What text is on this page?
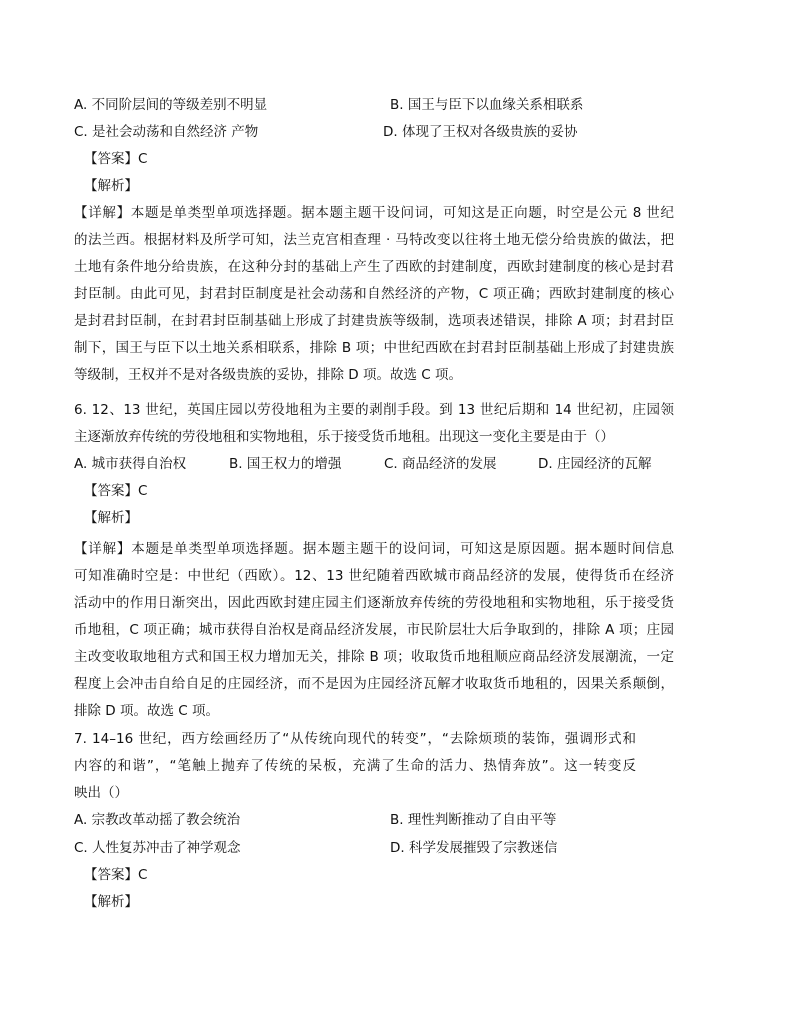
A. 不同阶层间的等级差别不明显	B. 国王与臣下以血缘关系相联系
C. 是社会动荡和自然经济 产物	D. 体现了王权对各级贵族的妥协
【答案】C
【解析】

【详解】本题是单类型单项选择题。据本题主题干设问词，可知这是正向题，时空是公元 8 世纪

的法兰西。根据材料及所学可知，法兰克宫相查理 · 马特改变以往将土地无偿分给贵族的做法，把

土地有条件地分给贵族，在这种分封的基础上产生了西欧的封建制度，西欧封建制度的核心是封君

封臣制。由此可见，封君封臣制度是社会动荡和自然经济的产物，C 项正确；西欧封建制度的核心

是封君封臣制，在封君封臣制基础上形成了封建贵族等级制，选项表述错误，排除 A 项；封君封臣

制下，国王与臣下以土地关系相联系，排除 B 项；中世纪西欧在封君封臣制基础上形成了封建贵族

等级制，王权并不是对各级贵族的妥协，排除 D 项。故选 C 项。

6. 12、13 世纪，英国庄园以劳役地租为主要的剥削手段。到 13 世纪后期和 14 世纪初，庄园领

主逐渐放弃传统的劳役地租和实物地租，乐于接受货币地租。出现这一变化主要是由于（）

A. 城市获得自治权	B. 国王权力的增强	C. 商品经济的发展	D. 庄园经济的瓦解
【答案】C
【解析】

【详解】本题是单类型单项选择题。据本题主题干的设问词，可知这是原因题。据本题时间信息

可知准确时空是：中世纪（西欧）。12、13 世纪随着西欧城市商品经济的发展，使得货币在经济

活动中的作用日渐突出，因此西欧封建庄园主们逐渐放弃传统的劳役地租和实物地租，乐于接受货

币地租，C 项正确；城市获得自治权是商品经济发展，市民阶层壮大后争取到的，排除 A 项；庄园

主改变收取地租方式和国王权力增加无关，排除 B 项；收取货币地租顺应商品经济发展潮流，一定

程度上会冲击自给自足的庄园经济，而不是因为庄园经济瓦解才收取货币地租的，因果关系颠倒，

排除 D 项。故选 C 项。

7. 14–16 世纪，西方绘画经历了“从传统向现代的转变”，“去除烦琐的装饰，强调形式和

内容的和谐”，“笔触上抛弃了传统的呆板，充满了生命的活力、热情奔放”。这一转变反

映出（）

A. 宗教改革动摇了教会统治	B. 理性判断推动了自由平等
C. 人性复苏冲击了神学观念	D. 科学发展摧毁了宗教迷信
【答案】C
【解析】
